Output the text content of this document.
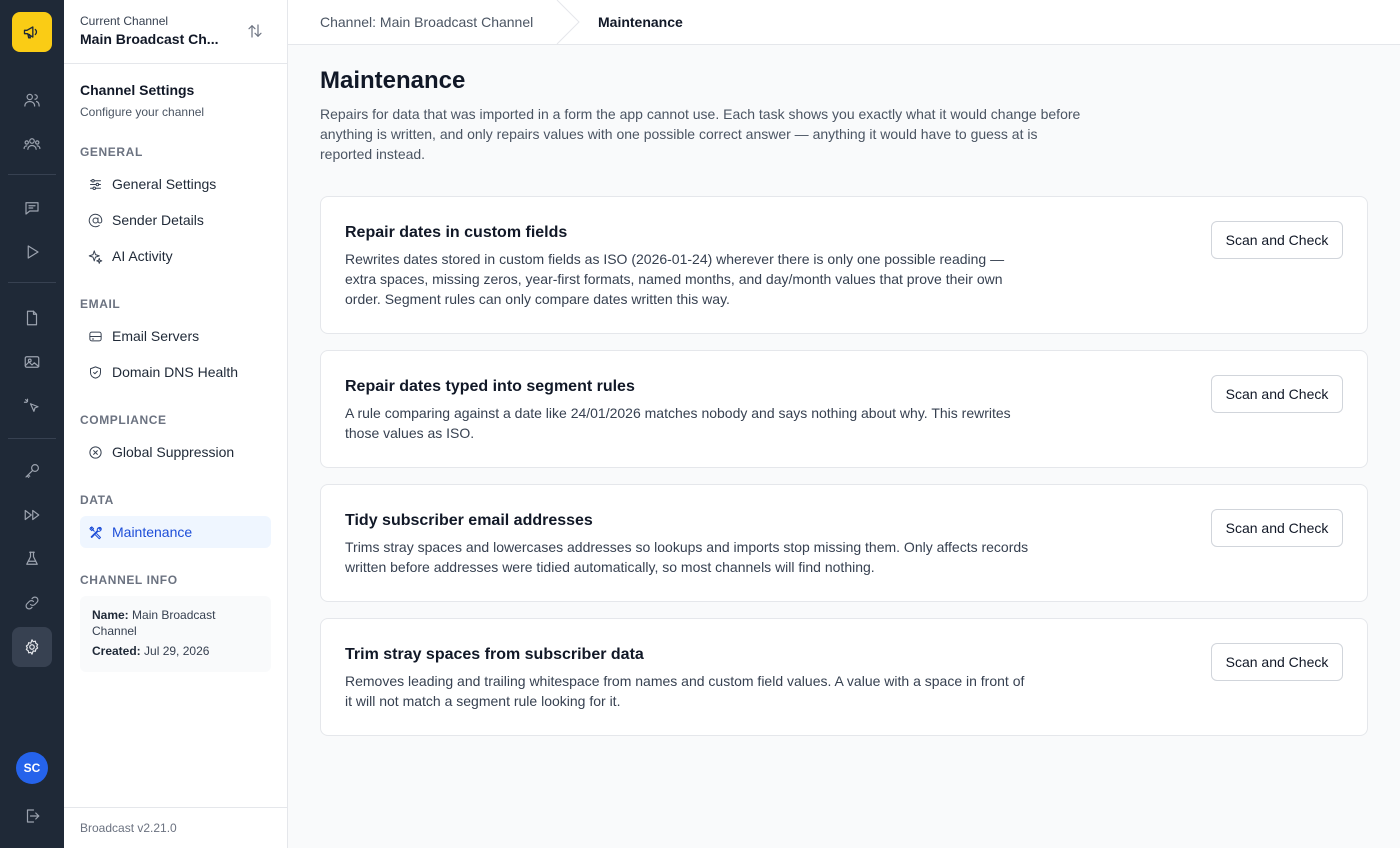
SC
Current Channel
Main Broadcast Ch...
Channel Settings
Configure your channel
GENERAL
General Settings
Sender Details
AI Activity
EMAIL
Email Servers
Domain DNS Health
COMPLIANCE
Global Suppression
DATA
Maintenance
CHANNEL INFO
Name: Main Broadcast Channel
Created: Jul 29, 2026
Broadcast v2.21.0
Channel: Main Broadcast Channel	Maintenance
Maintenance
Repairs for data that was imported in a form the app cannot use. Each task shows you exactly what it would change before anything is written, and only repairs values with one possible correct answer — anything it would have to guess at is reported instead.
Repair dates in custom fields
Rewrites dates stored in custom fields as ISO (2026-01-24) wherever there is only one possible reading — extra spaces, missing zeros, year-first formats, named months, and day/month values that prove their own order. Segment rules can only compare dates written this way.
Scan and Check
Repair dates typed into segment rules
A rule comparing against a date like 24/01/2026 matches nobody and says nothing about why. This rewrites those values as ISO.
Scan and Check
Tidy subscriber email addresses
Trims stray spaces and lowercases addresses so lookups and imports stop missing them. Only affects records written before addresses were tidied automatically, so most channels will find nothing.
Scan and Check
Trim stray spaces from subscriber data
Removes leading and trailing whitespace from names and custom field values. A value with a space in front of it will not match a segment rule looking for it.
Scan and Check
